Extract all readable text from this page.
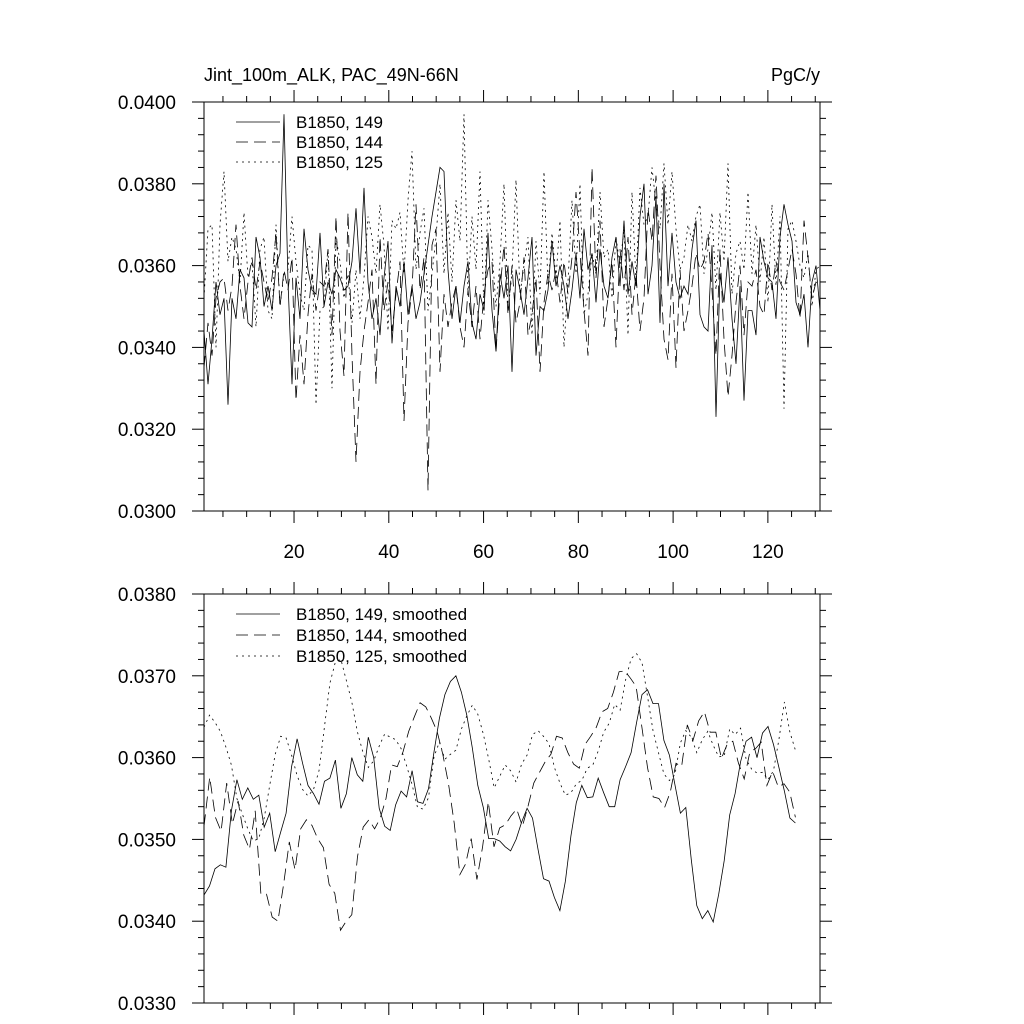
Jint_100m_ALK, PAC_49N-66N	PgC/y
0.0300
0.0320
0.0340
0.0360
0.0380
0.0400
20	40	60	80	100	120
B1850, 149
B1850, 144
B1850, 125
0.0330
0.0340
0.0350
0.0360
0.0370
0.0380
B1850, 149, smoothed
B1850, 144, smoothed
B1850, 125, smoothed
